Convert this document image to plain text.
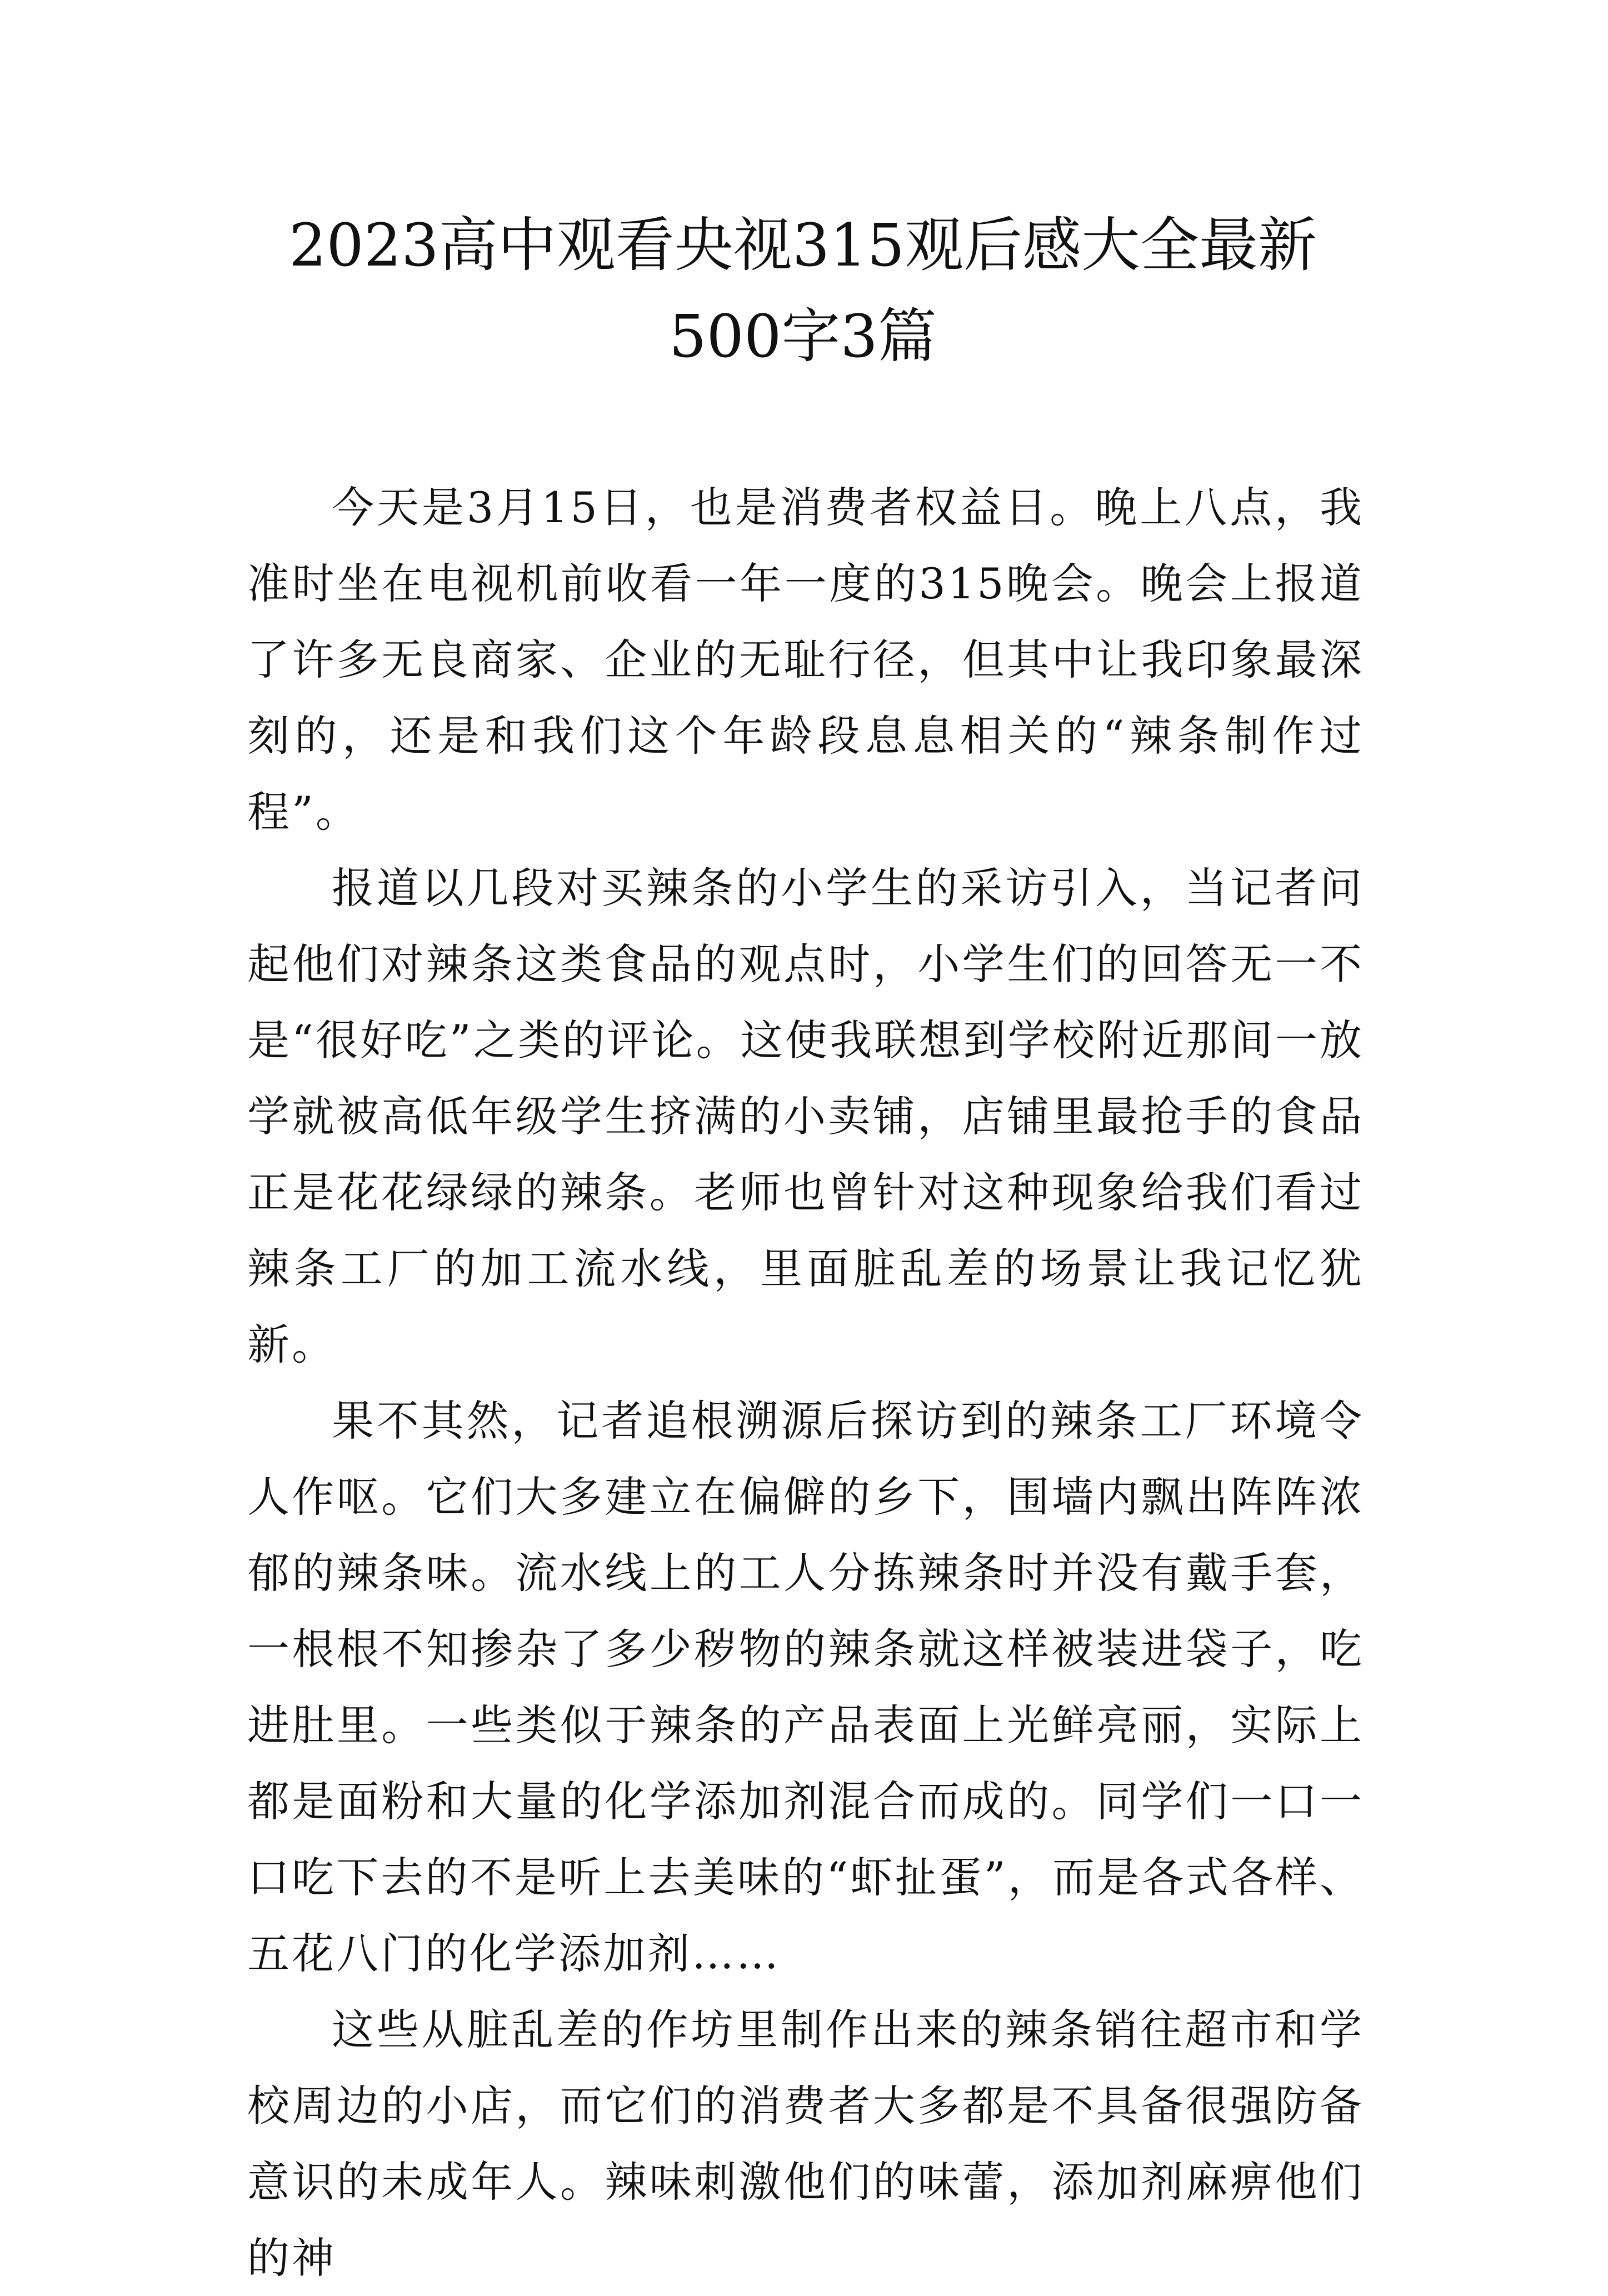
2023高中观看央视315观后感大全最新500字3篇

今天是3月15日，也是消费者权益日。晚上八点，我准时坐在电视机前收看一年一度的315晚会。晚会上报道了许多无良商家、企业的无耻行径，但其中让我印象最深刻的，还是和我们这个年龄段息息相关的“辣条制作过程”。

报道以几段对买辣条的小学生的采访引入，当记者问起他们对辣条这类食品的观点时，小学生们的回答无一不是“很好吃”之类的评论。这使我联想到学校附近那间一放学就被高低年级学生挤满的小卖铺，店铺里最抢手的食品正是花花绿绿的辣条。老师也曾针对这种现象给我们看过辣条工厂的加工流水线，里面脏乱差的场景让我记忆犹新。

果不其然，记者追根溯源后探访到的辣条工厂环境令人作呕。它们大多建立在偏僻的乡下，围墙内飘出阵阵浓郁的辣条味。流水线上的工人分拣辣条时并没有戴手套，一根根不知掺杂了多少秽物的辣条就这样被装进袋子，吃进肚里。一些类似于辣条的产品表面上光鲜亮丽，实际上都是面粉和大量的化学添加剂混合而成的。同学们一口一口吃下去的不是听上去美味的“虾扯蛋”，而是各式各样、五花八门的化学添加剂……

这些从脏乱差的作坊里制作出来的辣条销往超市和学校周边的小店，而它们的消费者大多都是不具备很强防备意识的未成年人。辣味刺激他们的味蕾，添加剂麻痹他们的神
